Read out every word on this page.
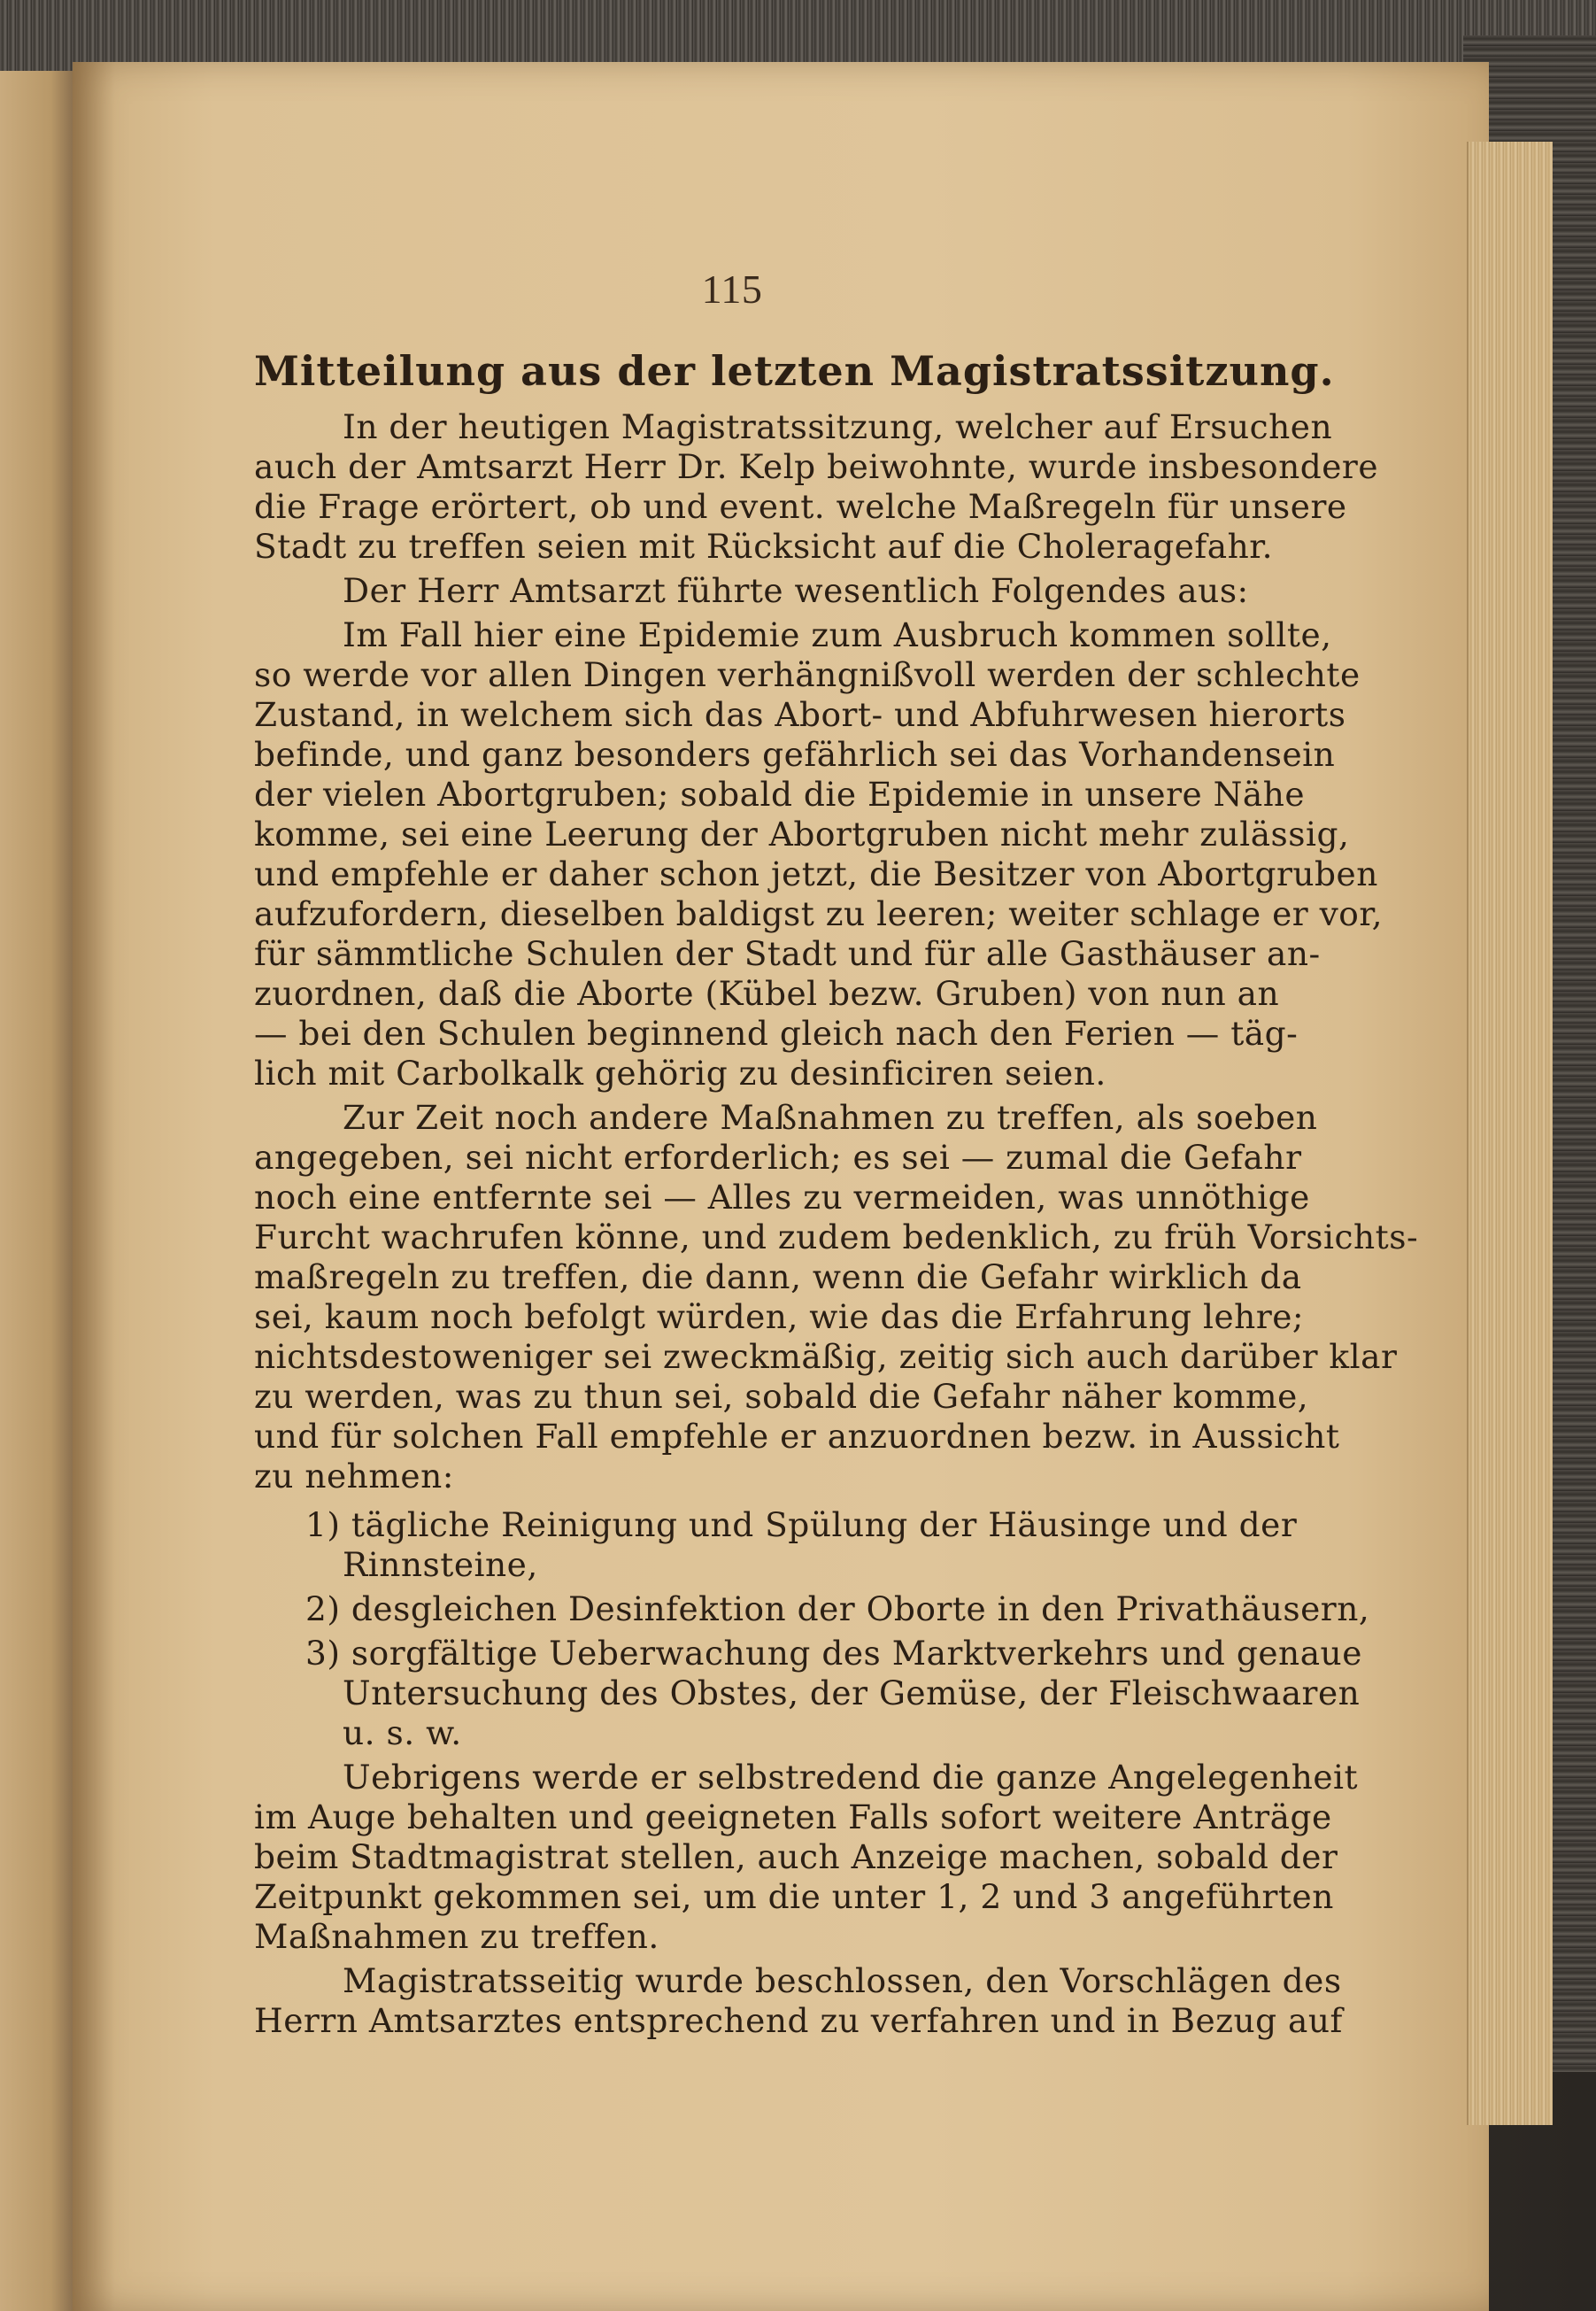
115
Mitteilung aus der letzten Magistratssitzung.
In der heutigen Magistratssitzung, welcher auf Ersuchen
auch der Amtsarzt Herr Dr. Kelp beiwohnte, wurde insbesondere
die Frage erörtert, ob und event. welche Maßregeln für unsere
Stadt zu treffen seien mit Rücksicht auf die Choleragefahr.
Der Herr Amtsarzt führte wesentlich Folgendes aus:
Im Fall hier eine Epidemie zum Ausbruch kommen sollte,
so werde vor allen Dingen verhängnißvoll werden der schlechte
Zustand, in welchem sich das Abort- und Abfuhrwesen hierorts
befinde, und ganz besonders gefährlich sei das Vorhandensein
der vielen Abortgruben; sobald die Epidemie in unsere Nähe
komme, sei eine Leerung der Abortgruben nicht mehr zulässig,
und empfehle er daher schon jetzt, die Besitzer von Abortgruben
aufzufordern, dieselben baldigst zu leeren; weiter schlage er vor,
für sämmtliche Schulen der Stadt und für alle Gasthäuser an-
zuordnen, daß die Aborte (Kübel bezw. Gruben) von nun an
— bei den Schulen beginnend gleich nach den Ferien — täg-
lich mit Carbolkalk gehörig zu desinficiren seien.
Zur Zeit noch andere Maßnahmen zu treffen, als soeben
angegeben, sei nicht erforderlich; es sei — zumal die Gefahr
noch eine entfernte sei — Alles zu vermeiden, was unnöthige
Furcht wachrufen könne, und zudem bedenklich, zu früh Vorsichts-
maßregeln zu treffen, die dann, wenn die Gefahr wirklich da
sei, kaum noch befolgt würden, wie das die Erfahrung lehre;
nichtsdestoweniger sei zweckmäßig, zeitig sich auch darüber klar
zu werden, was zu thun sei, sobald die Gefahr näher komme,
und für solchen Fall empfehle er anzuordnen bezw. in Aussicht
zu nehmen:
1) tägliche Reinigung und Spülung der Häusinge und der
Rinnsteine,
2) desgleichen Desinfektion der Oborte in den Privathäusern,
3) sorgfältige Ueberwachung des Marktverkehrs und genaue
Untersuchung des Obstes, der Gemüse, der Fleischwaaren
u. s. w.
Uebrigens werde er selbstredend die ganze Angelegenheit
im Auge behalten und geeigneten Falls sofort weitere Anträge
beim Stadtmagistrat stellen, auch Anzeige machen, sobald der
Zeitpunkt gekommen sei, um die unter 1, 2 und 3 angeführten
Maßnahmen zu treffen.
Magistratsseitig wurde beschlossen, den Vorschlägen des
Herrn Amtsarztes entsprechend zu verfahren und in Bezug auf
